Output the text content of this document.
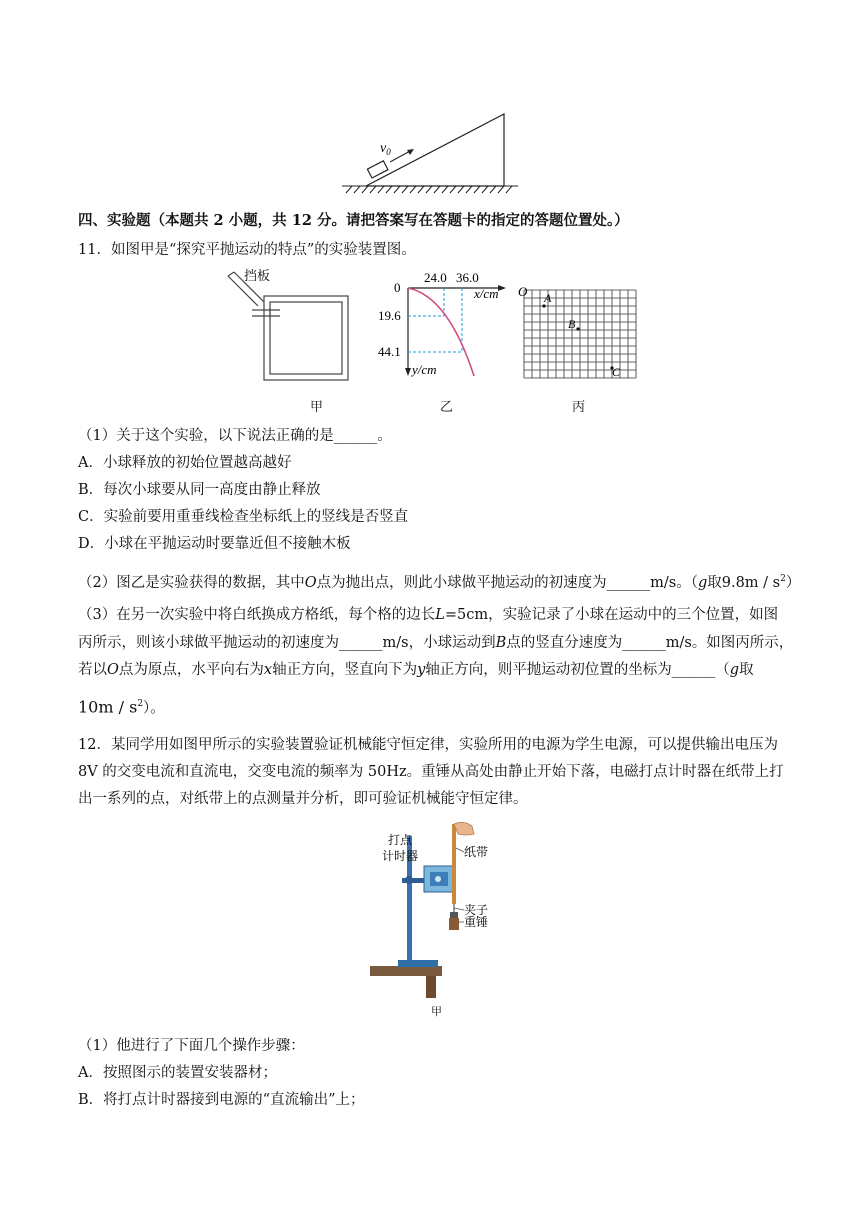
$v_0$
四、实验题（本题共 2 小题，共 12 分。请把答案写在答题卡的指定的答题位置处。）
11．如图甲是“探究平抛运动的特点”的实验装置图。
挡板
甲
0
24.0 36.0
x/cm
19.6
44.1
y/cm
乙
O A
B
C
丙
（1）关于这个实验，以下说法正确的是______。
A．小球释放的初始位置越高越好
B．每次小球要从同一高度由静止释放
C．实验前要用重垂线检查坐标纸上的竖线是否竖直
D．小球在平抛运动时要靠近但不接触木板
（2）图乙是实验获得的数据，其中O点为抛出点，则此小球做平抛运动的初速度为______m/s。（g取$9.8m / s^2$）
（3）在另一次实验中将白纸换成方格纸，每个格的边长L=5cm，实验记录了小球在运动中的三个位置，如图
丙所示，则该小球做平抛运动的初速度为______m/s，小球运动到B点的竖直分速度为______m/s。如图丙所示，
若以O点为原点，水平向右为x轴正方向，竖直向下为y轴正方向，则平抛运动初位置的坐标为______（g取
$10m / s^2$）。
12．某同学用如图甲所示的实验装置验证机械能守恒定律，实验所用的电源为学生电源，可以提供输出电压为
8V 的交变电流和直流电，交变电流的频率为 50Hz。重锤从高处由静止开始下落，电磁打点计时器在纸带上打
出一系列的点，对纸带上的点测量并分析，即可验证机械能守恒定律。
打点
计时器	纸带
夹子
重锤
甲
（1）他进行了下面几个操作步骤：
A．按照图示的装置安装器材；
B．将打点计时器接到电源的“直流输出”上；
